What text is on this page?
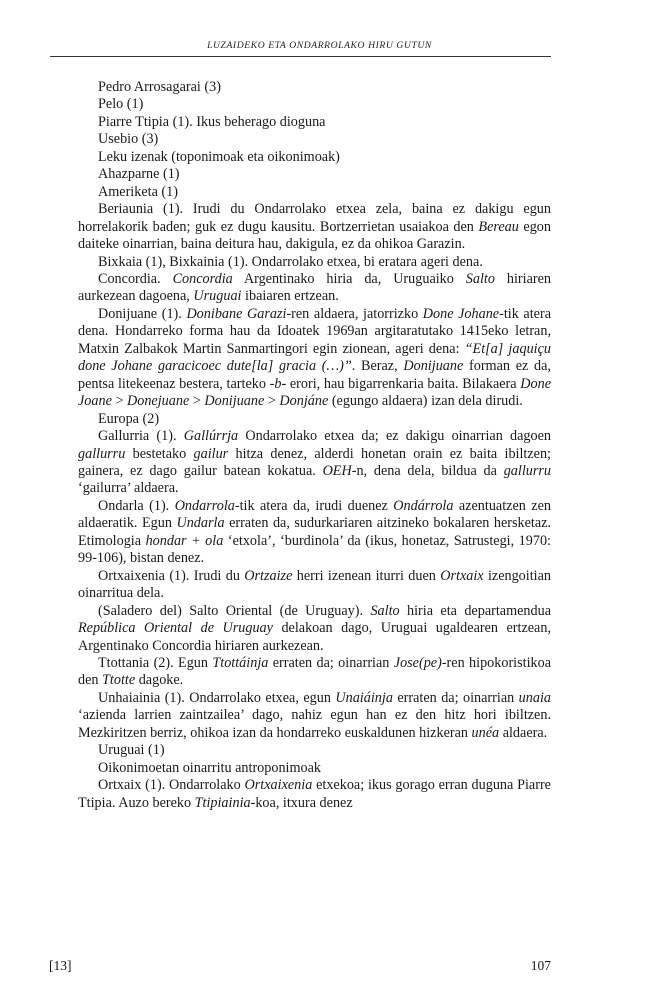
LUZAIDEKO ETA ONDARROLAKO HIRU GUTUN

Pedro Arrosagarai (3)

Pelo (1)

Piarre Ttipia (1). Ikus beherago dioguna

Usebio (3)

Leku izenak (toponimoak eta oikonimoak)

Ahazparne (1)

Ameriketa (1)

Beriaunia (1). Irudi du Ondarrolako etxea zela, baina ez dakigu egun horrelakorik baden; guk ez dugu kausitu. Bortzerrietan usaiakoa den Bereau egon daiteke oinarrian, baina deitura hau, dakigula, ez da ohikoa Garazin.

Bixkaia (1), Bixkainia (1). Ondarrolako etxea, bi eratara ageri dena.

Concordia. Concordia Argentinako hiria da, Uruguaiko Salto hiriaren aurkezean dagoena, Uruguai ibaiaren ertzean.

Donijuane (1). Donibane Garazi-ren aldaera, jatorrizko Done Johane-tik atera dena. Hondarreko forma hau da Idoatek 1969an argitaratutako 1415eko letran, Matxin Zalbakok Martin Sanmartingori egin zionean, ageri dena: “Et[a] jaquiçu done Johane garacicoec dute[la] gracia (…)”. Beraz, Donijuane forman ez da, pentsa litekeenaz bestera, tarteko -b- erori, hau bigarrenkaria baita. Bilakaera Done Joane > Donejuane > Donijuane > Donjáne (egungo aldaera) izan dela dirudi.

Europa (2)

Gallurria (1). Gallúrrja Ondarrolako etxea da; ez dakigu oinarrian dagoen gallurru bestetako gailur hitza denez, alderdi honetan orain ez baita ibiltzen; gainera, ez dago gailur batean kokatua. OEH-n, dena dela, bildua da gallurru ‘gailurra’ aldaera.

Ondarla (1). Ondarrola-tik atera da, irudi duenez Ondárrola azentuatzen zen aldaeratik. Egun Undarla erraten da, sudurkariaren aitzineko bokalaren hersketaz. Etimologia hondar + ola ‘etxola’, ‘burdinola’ da (ikus, honetaz, Satrustegi, 1970: 99-106), bistan denez.

Ortxaixenia (1). Irudi du Ortzaize herri izenean iturri duen Ortxaix izengoitian oinarritua dela.

(Saladero del) Salto Oriental (de Uruguay). Salto hiria eta departamendua República Oriental de Uruguay delakoan dago, Uruguai ugaldearen ertzean, Argentinako Concordia hiriaren aurkezean.

Ttottania (2). Egun Ttottáinja erraten da; oinarrian Jose(pe)-ren hipokoristikoa den Ttotte dagoke.

Unhaiainia (1). Ondarrolako etxea, egun Unaiáinja erraten da; oinarrian unaia ‘azienda larrien zaintzailea’ dago, nahiz egun han ez den hitz hori ibiltzen. Mezkiritzen berriz, ohikoa izan da hondarreko euskaldunen hizkeran unéa aldaera.

Uruguai (1)

Oikonimoetan oinarritu antroponimoak

Ortxaix (1). Ondarrolako Ortxaixenia etxekoa; ikus gorago erran duguna Piarre Ttipia. Auzo bereko Ttipiainia-koa, itxura denez

[13]	107
